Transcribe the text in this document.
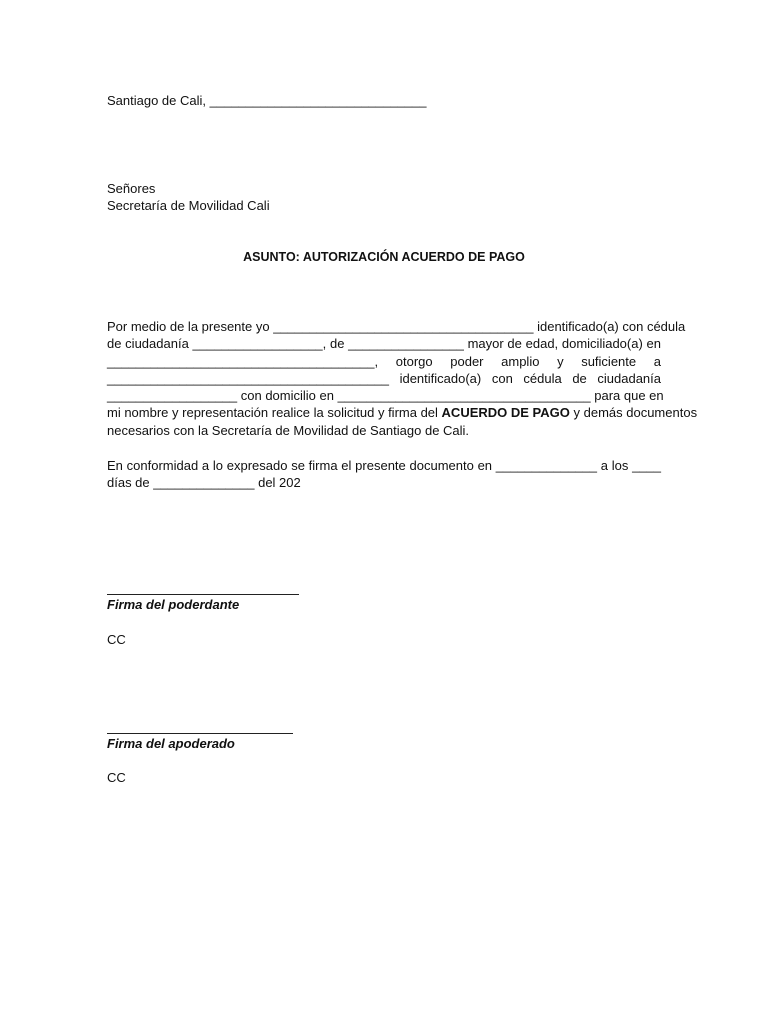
Santiago de Cali, ______________________________
Señores
Secretaría de Movilidad Cali
ASUNTO: AUTORIZACIÓN ACUERDO DE PAGO
Por medio de la presente yo ____________________________________ identificado(a) con cédula
de ciudadanía __________________, de ________________ mayor de edad, domiciliado(a) en
_____________________________________, otorgo poder amplio y suficiente a
_______________________________________ identificado(a) con cédula de ciudadanía
__________________ con domicilio en ___________________________________ para que en
mi nombre y representación realice la solicitud y firma del ACUERDO DE PAGO y demás documentos
necesarios con la Secretaría de Movilidad de Santiago de Cali.
En conformidad a lo expresado se firma el presente documento en ______________ a los ____
días de ______________ del 202
Firma del poderdante
CC
Firma del apoderado
CC
